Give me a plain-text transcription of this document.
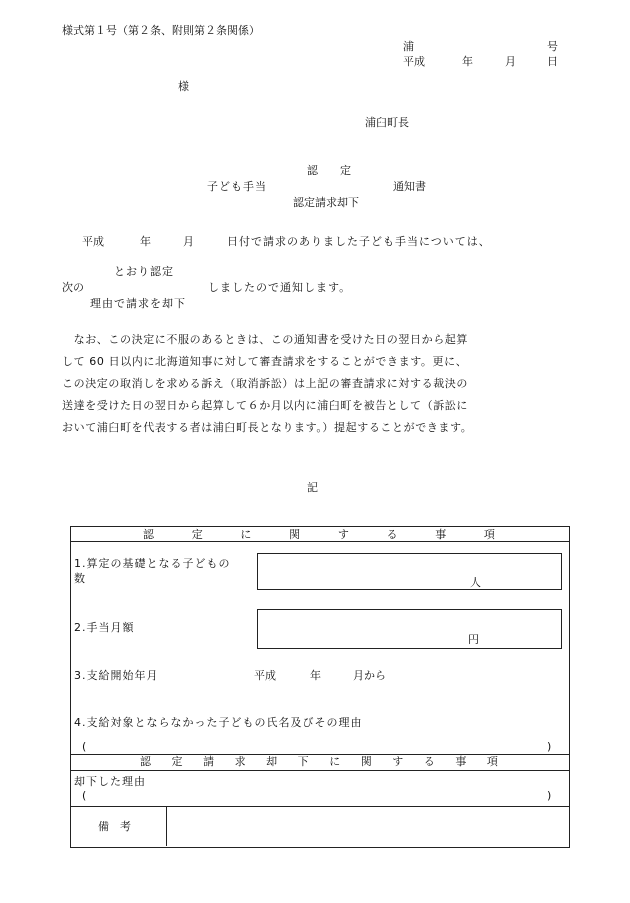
様式第１号（第２条、附則第２条関係）
浦	号
平成	年	月	日
様
浦臼町長
認　　定
子ども手当	通知書
認定請求却下
平成	年	月	日付で請求のありました子ども手当については、
とおり認定
次の	しましたので通知します。
理由で請求を却下
　なお、この決定に不服のあるときは、この通知書を受けた日の翌日から起算
して 60 日以内に北海道知事に対して審査請求をすることができます。更に、
この決定の取消しを求める訴え（取消訴訟）は上記の審査請求に対する裁決の
送達を受けた日の翌日から起算して６か月以内に浦臼町を被告として（訴訟に
おいて浦臼町を代表する者は浦臼町長となります。）提起することができます。
記
認	定	に	関	す	る	事	項
1.算定の基礎となる子どもの
数	人
2.手当月額
円
3.支給開始年月	平成	年	月から
4.支給対象とならなかった子どもの氏名及びその理由
(	)
認 定 請 求 却 下 に 関 す る 事 項
却下した理由
(	)
備　考
